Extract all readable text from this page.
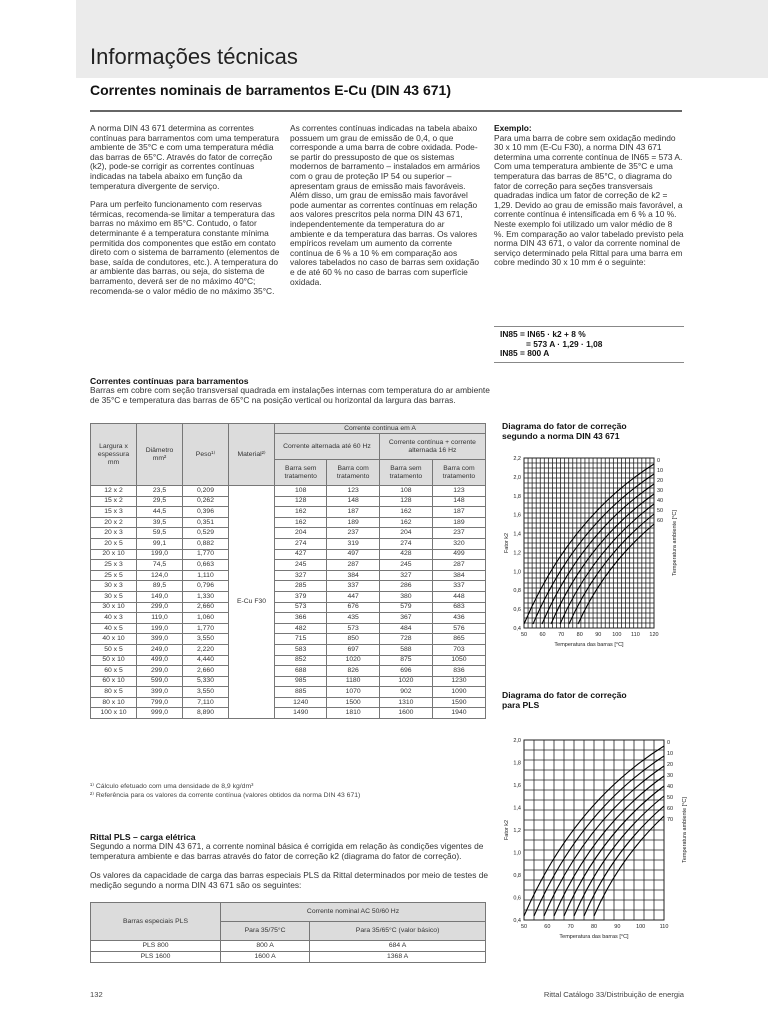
Informações técnicas
Correntes nominais de barramentos E-Cu (DIN 43 671)

A norma DIN 43 671 determina as correntes contínuas para barramentos com uma temperatura ambiente de 35°C e com uma temperatura média das barras de 65°C. Através do fator de correção (k2), pode-se corrigir as correntes contínuas indicadas na tabela abaixo em função da temperatura divergente de serviço.

Para um perfeito funcionamento com reservas térmicas, recomenda-se limitar a temperatura das barras no máximo em 85°C. Contudo, o fator determinante é a temperatura constante mínima permitida dos componentes que estão em contato direto com o sistema de barramento (elementos de base, saída de condutores, etc.). A temperatura do ar ambiente das barras, ou seja, do sistema de barramento, deverá ser de no máximo 40°C; recomenda-se o valor médio de no máximo 35°C.

As correntes contínuas indicadas na tabela abaixo possuem um grau de emissão de 0,4, o que corresponde a uma barra de cobre oxidada. Pode-se partir do pressuposto de que os sistemas modernos de barramento – instalados em armários com o grau de proteção IP 54 ou superior – apresentam graus de emissão mais favoráveis. Além disso, um grau de emissão mais favorável pode aumentar as correntes contínuas em relação aos valores prescritos pela norma DIN 43 671, independentemente da temperatura do ar ambiente e da temperatura das barras. Os valores empíricos revelam um aumento da corrente contínua de 6 % a 10 % em comparação aos valores tabelados no caso de barras sem oxidação e de até 60 % no caso de barras com superfície oxidada.

Exemplo:
Para uma barra de cobre sem oxidação medindo 30 x 10 mm (E-Cu F30), a norma DIN 43 671 determina uma corrente contínua de IN65 = 573 A.
Com uma temperatura ambiente de 35°C e uma temperatura das barras de 85°C, o diagrama do fator de correção para seções transversais quadradas indica um fator de correção de k2 = 1,29. Devido ao grau de emissão mais favorável, a corrente contínua é intensificada em 6 % a 10 %. Neste exemplo foi utilizado um valor médio de 8 %. Em comparação ao valor tabelado previsto pela norma DIN 43 671, o valor da corrente nominal de serviço determinado pela Rittal para uma barra em cobre medindo 30 x 10 mm é o seguinte:
IN85 = IN65 · k2 + 8 %
= 573 A · 1,29 · 1,08
IN85 = 800 A
Correntes contínuas para barramentos
Barras em cobre com seção transversal quadrada em instalações internas com temperatura do ar ambiente de 35°C e temperatura das barras de 65°C na posição vertical ou horizontal da largura das barras.
Largura x espessura mm	Diâmetro mm²	Peso¹⁾	Material²⁾	Corrente contínua em A			
				Corrente alternada até 60 Hz		Corrente contínua + corrente alternada 16 Hz	
				Barra sem tratamento	Barra com tratamento	Barra sem tratamento	Barra com tratamento
12 x 2	23,5	0,209	E-Cu F30	108	123	108	123
15 x 2	29,5	0,262		128	148	128	148
15 x 3	44,5	0,396		162	187	162	187
20 x 2	39,5	0,351		162	189	162	189
20 x 3	59,5	0,529		204	237	204	237
20 x 5	99,1	0,882		274	319	274	320
20 x 10	199,0	1,770		427	497	428	499
25 x 3	74,5	0,663		245	287	245	287
25 x 5	124,0	1,110		327	384	327	384
30 x 3	89,5	0,796		285	337	286	337
30 x 5	149,0	1,330		379	447	380	448
30 x 10	299,0	2,660		573	676	579	683
40 x 3	119,0	1,060		366	435	367	436
40 x 5	199,0	1,770		482	573	484	576
40 x 10	399,0	3,550		715	850	728	865
50 x 5	249,0	2,220		583	697	588	703
50 x 10	499,0	4,440		852	1020	875	1050
60 x 5	299,0	2,660		688	826	696	836
60 x 10	599,0	5,330		985	1180	1020	1230
80 x 5	399,0	3,550		885	1070	902	1090
80 x 10	799,0	7,110		1240	1500	1310	1590
100 x 10	999,0	8,890		1490	1810	1600	1940
¹⁾ Cálculo efetuado com uma densidade de 8,9 kg/dm³
²⁾ Referência para os valores da corrente contínua (valores obtidos da norma DIN 43 671)
Rittal PLS – carga elétrica
Segundo a norma DIN 43 671, a corrente nominal básica é corrigida em relação às condições vigentes de temperatura ambiente e das barras através do fator de correção k2 (diagrama do fator de correção).
Os valores da capacidade de carga das barras especiais PLS da Rittal determinados por meio de testes de medição segundo a norma DIN 43 671 são os seguintes:
Barras especiais PLS	Corrente nominal AC 50/60 Hz	
	Para 35/75°C	Para 35/65°C (valor básico)
PLS 800	800 A	684 A
PLS 1600	1600 A	1368 A
Diagrama do fator de correção
segundo a norma DIN 43 671
50 60 70 80 90 100 110 120
0,4
0,6
0,8
1,0
1,2
1,4
1,6
1,8
2,0
2,2	0
10
20
30
40
50
60
Temperatura das barras [°C]
Fator k2	Temperatura ambiente [°C]
Diagrama do fator de correção
para PLS
50	60	70	80	90	100	110
0,4
0,6
0,8
1,0
1,2
1,4
1,6
1,8
2,0	0
10
20
30
40
50
60
70
Temperatura das barras [°C]
Fator k2	Temperatura ambiente [°C]
132	Rittal Catálogo 33/Distribuição de energia
